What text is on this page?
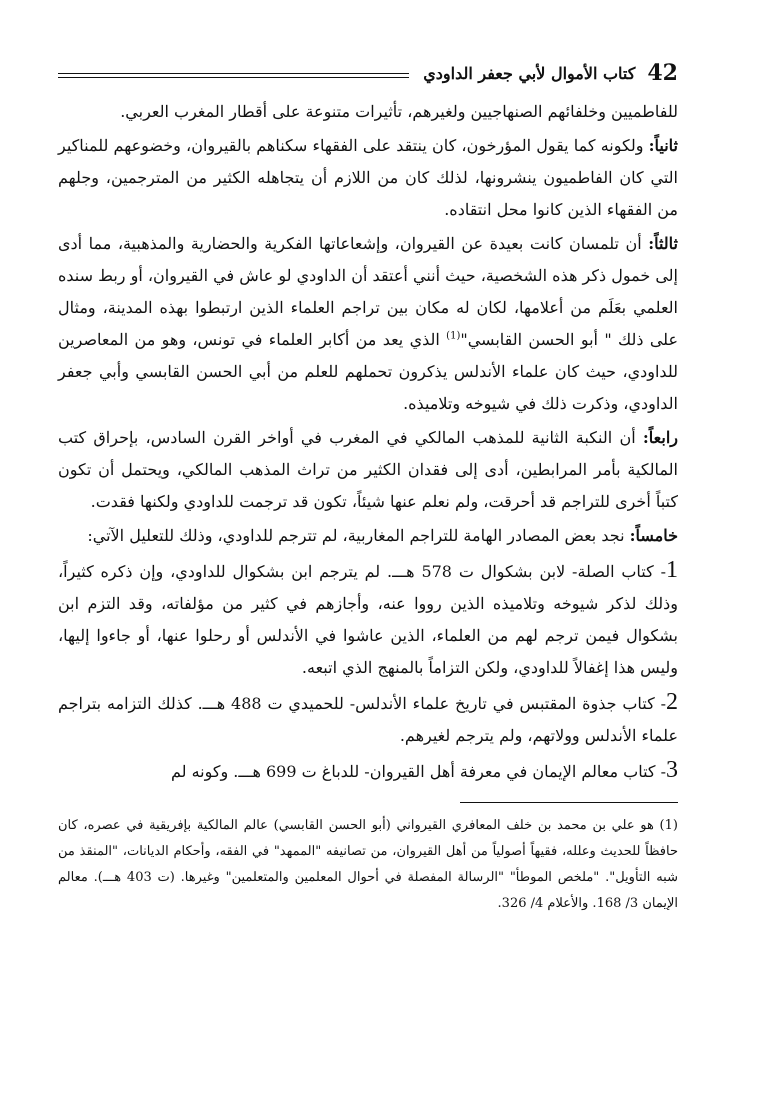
42
كتاب الأموال لأبي جعفر الداودي

للفاطميين وخلفائهم الصنهاجيين ولغيرهم، تأثيرات متنوعة على أقطار المغرب العربي.

ثانياً: ولكونه كما يقول المؤرخون، كان ينتقد على الفقهاء سكناهم بالقيروان، وخضوعهم للمناكير التي كان الفاطميون ينشرونها، لذلك كان من اللازم أن يتجاهله الكثير من المترجمين، وجلهم من الفقهاء الذين كانوا محل انتقاده.

ثالثاً: أن تلمسان كانت بعيدة عن القيروان، وإشعاعاتها الفكرية والحضارية والمذهبية، مما أدى إلى خمول ذكر هذه الشخصية، حيث أنني أعتقد أن الداودي لو عاش في القيروان، أو ربط سنده العلمي بعَلَم من أعلامها، لكان له مكان بين تراجم العلماء الذين ارتبطوا بهذه المدينة، ومثال على ذلك " أبو الحسن القابسي"$^{(1)}$ الذي يعد من أكابر العلماء في تونس، وهو من المعاصرين للداودي، حيث كان علماء الأندلس يذكرون تحملهم للعلم من أبي الحسن القابسي وأبي جعفر الداودي، وذكرت ذلك في شيوخه وتلاميذه.

رابعاً: أن النكبة الثانية للمذهب المالكي في المغرب في أواخر القرن السادس، بإحراق كتب المالكية بأمر المرابطين، أدى إلى فقدان الكثير من تراث المذهب المالكي، ويحتمل أن تكون كتباً أخرى للتراجم قد أحرقت، ولم نعلم عنها شيئاً، تكون قد ترجمت للداودي ولكنها فقدت.

خامساً: نجد بعض المصادر الهامة للتراجم المغاربية، لم تترجم للداودي، وذلك للتعليل الآتي:

1- كتاب الصلة- لابن بشكوال ت 578 هـــ. لم يترجم ابن بشكوال للداودي، وإن ذكره كثيراً، وذلك لذكر شيوخه وتلاميذه الذين رووا عنه، وأجازهم في كثير من مؤلفاته، وقد التزم ابن بشكوال فيمن ترجم لهم من العلماء، الذين عاشوا في الأندلس أو رحلوا عنها، أو جاءوا إليها، وليس هذا إغفالاً للداودي، ولكن التزاماً بالمنهج الذي اتبعه.

2- كتاب جذوة المقتبس في تاريخ علماء الأندلس- للحميدي ت 488 هـــ. كذلك التزامه بتراجم علماء الأندلس وولاتهم، ولم يترجم لغيرهم.

3- كتاب معالم الإيمان في معرفة أهل القيروان- للدباغ ت 699 هـــ. وكونه لم

(1) هو علي بن محمد بن خلف المعافري القيرواني (أبو الحسن القابسي) عالم المالكية بإفريقية في عصره، كان حافظاً للحديث وعلله، فقيهاً أصولياً من أهل القيروان، من تصانيفه "الممهد" في الفقه، وأحكام الديانات، "المنقذ من شبه التأويل". "ملخص الموطأ" "الرسالة المفصلة في أحوال المعلمين والمتعلمين" وغيرها. (ت 403 هـــ). معالم الإيمان 3/ 168. والأعلام 4/ 326.
